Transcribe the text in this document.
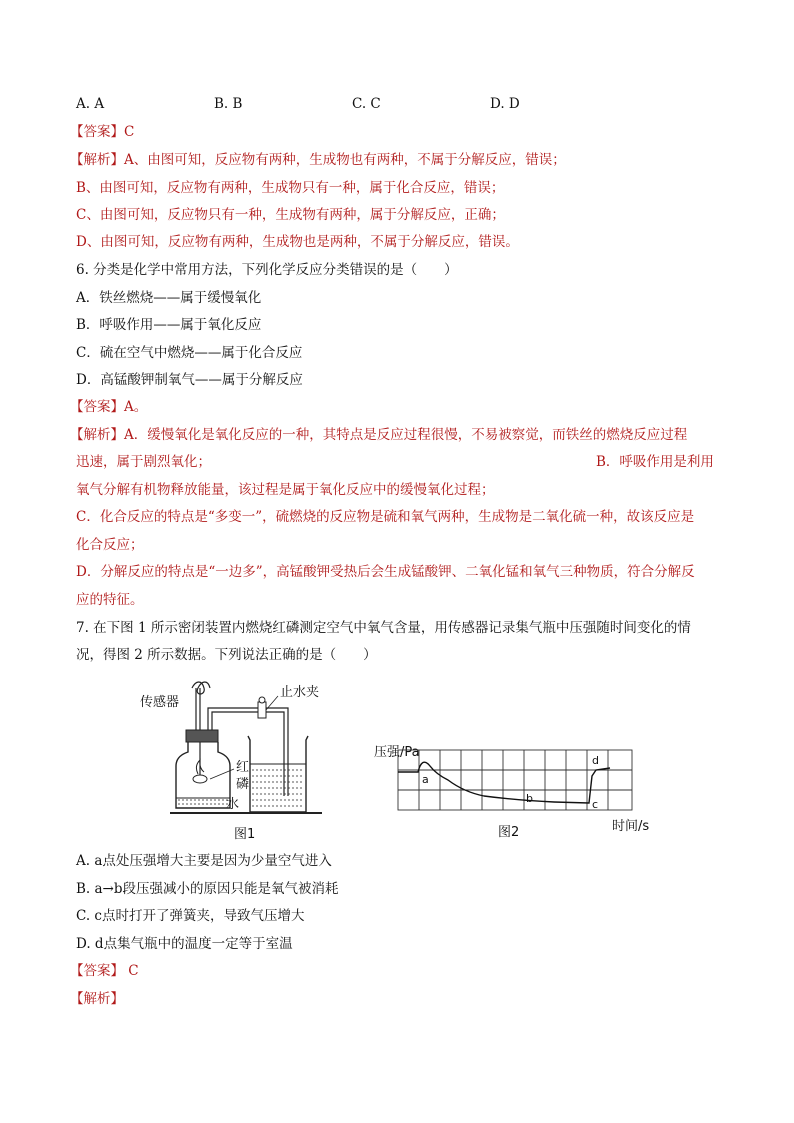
A. A	B. B	C. C	D. D
【答案】C
【解析】A、由图可知，反应物有两种，生成物也有两种，不属于分解反应，错误；
B、由图可知，反应物有两种，生成物只有一种，属于化合反应，错误；
C、由图可知，反应物只有一种，生成物有两种，属于分解反应，正确；
D、由图可知，反应物有两种，生成物也是两种，不属于分解反应，错误。
6. 分类是化学中常用方法，下列化学反应分类错误的是（　　）
A．铁丝燃烧——属于缓慢氧化
B．呼吸作用——属于氧化反应
C．硫在空气中燃烧——属于化合反应
D．高锰酸钾制氧气——属于分解反应
【答案】A。
【解析】A．缓慢氧化是氧化反应的一种，其特点是反应过程很慢，不易被察觉，而铁丝的燃烧反应过程
迅速，属于剧烈氧化；	B．呼吸作用是利用
氧气分解有机物释放能量，该过程是属于氧化反应中的缓慢氧化过程；
C．化合反应的特点是“多变一”，硫燃烧的反应物是硫和氧气两种，生成物是二氧化硫一种，故该反应是
化合反应；
D．分解反应的特点是“一边多”，高锰酸钾受热后会生成锰酸钾、二氧化锰和氧气三种物质，符合分解反
应的特征。
7. 在下图 1 所示密闭装置内燃烧红磷测定空气中氧气含量，用传感器记录集气瓶中压强随时间变化的情
况，得图 2 所示数据。下列说法正确的是（　　）
传感器
红
磷
水
止水夹
图1
压强/Pa
a
b	c
d
图2	时间/s
A. a点处压强增大主要是因为少量空气进入
B. a→b段压强减小的原因只能是氧气被消耗
C. c点时打开了弹簧夹，导致气压增大
D. d点集气瓶中的温度一定等于室温
【答案】 C
【解析】
